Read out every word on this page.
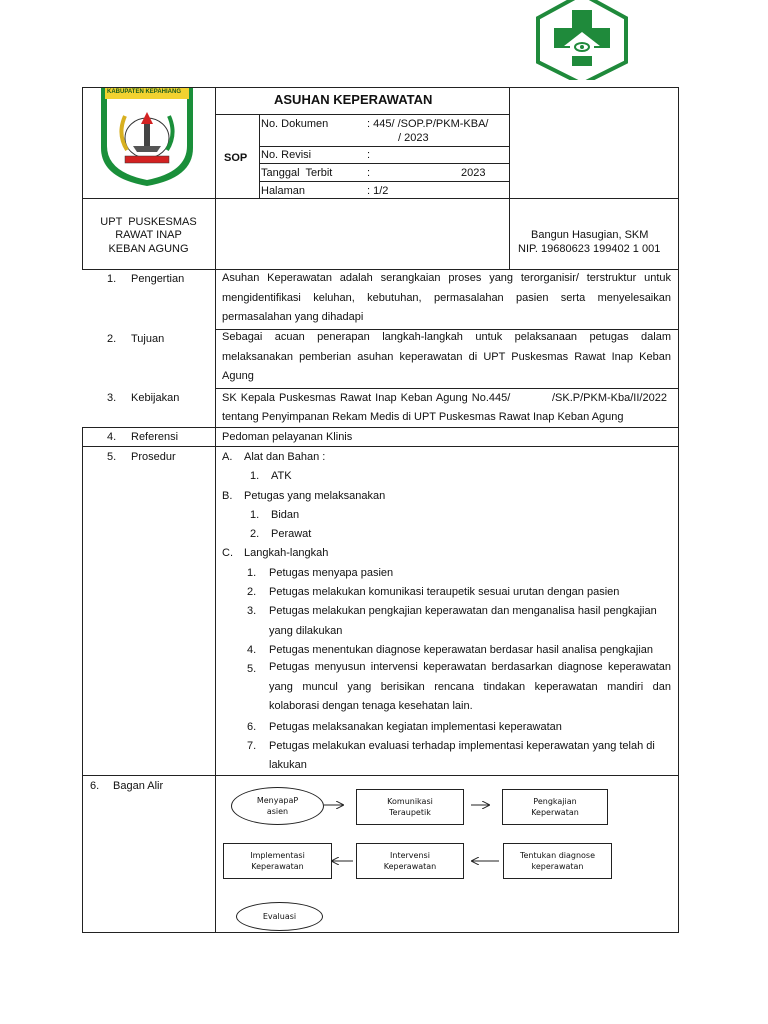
KABUPATEN KEPAHIANG	ASUHAN KEPERAWATAN
SOP
No. Dokumen	: 445/ /SOP.P/PKM-KBA/
/ 2023
No. Revisi	:
Tanggal  Terbit	:	2023
Halaman	: 1/2
UPT  PUSKESMAS
RAWAT INAP
KEBAN AGUNG
Bangun Hasugian, SKM
NIP. 19680623 199402 1 001
1. Pengertian	Asuhan Keperawatan adalah serangkaian proses yang terorganisir/ terstruktur untuk
mengidentifikasi keluhan, kebutuhan, permasalahan pasien serta menyelesaikan
permasalahan yang dihadapi
2. Tujuan	Sebagai acuan penerapan langkah-langkah untuk pelaksanaan petugas dalam
melaksanakan pemberian asuhan keperawatan di UPT Puskesmas Rawat Inap Keban
Agung
3. Kebijakan	SK Kepala Puskesmas Rawat Inap Keban Agung No.445/	/SK.P/PKM-Kba/II/2022
tentang Penyimpanan Rekam Medis di UPT Puskesmas Rawat Inap Keban Agung
4. Referensi	Pedoman pelayanan Klinis
5. Prosedur	A. Alat dan Bahan :
1. ATK
B. Petugas yang melaksanakan
1. Bidan
2. Perawat
C. Langkah-langkah
1. Petugas menyapa pasien
2. Petugas melakukan komunikasi teraupetik sesuai urutan dengan pasien
3. Petugas melakukan pengkajian keperawatan dan menganalisa hasil pengkajian
yang dilakukan
4. Petugas menentukan diagnose keperawatan berdasar hasil analisa pengkajian
5. Petugas menyusun intervensi keperawatan berdasarkan diagnose keperawatan
yang muncul yang berisikan rencana tindakan keperawatan mandiri dan
kolaborasi dengan tenaga kesehatan lain.
6. Petugas melaksanakan kegiatan implementasi keperawatan
7. Petugas melakukan evaluasi terhadap implementasi keperawatan yang telah di
lakukan
6. Bagan Alir
MenyapaP
asien
Komunikasi
Teraupetik
Pengkajian
Keperwatan
Tentukan diagnose
keperawatan
Intervensi
Keperawatan
Implementasi
Keperawatan
Evaluasi
